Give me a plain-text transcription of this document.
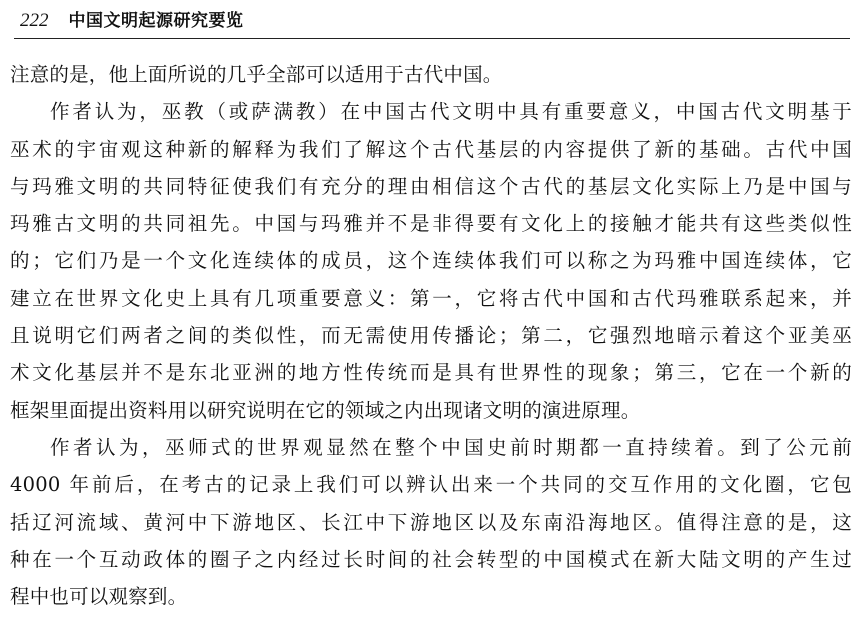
222 中国文明起源研究要览
注意的是，他上面所说的几乎全部可以适用于古代中国。
作者认为，巫教（或萨满教）在中国古代文明中具有重要意义，中国古代文明基于
巫术的宇宙观这种新的解释为我们了解这个古代基层的内容提供了新的基础。古代中国
与玛雅文明的共同特征使我们有充分的理由相信这个古代的基层文化实际上乃是中国与
玛雅古文明的共同祖先。中国与玛雅并不是非得要有文化上的接触才能共有这些类似性
的；它们乃是一个文化连续体的成员，这个连续体我们可以称之为玛雅中国连续体，它
建立在世界文化史上具有几项重要意义：第一，它将古代中国和古代玛雅联系起来，并
且说明它们两者之间的类似性，而无需使用传播论；第二，它强烈地暗示着这个亚美巫
术文化基层并不是东北亚洲的地方性传统而是具有世界性的现象；第三，它在一个新的
框架里面提出资料用以研究说明在它的领域之内出现诸文明的演进原理。
作者认为，巫师式的世界观显然在整个中国史前时期都一直持续着。到了公元前
4000 年前后，在考古的记录上我们可以辨认出来一个共同的交互作用的文化圈，它包
括辽河流域、黄河中下游地区、长江中下游地区以及东南沿海地区。值得注意的是，这
种在一个互动政体的圈子之内经过长时间的社会转型的中国模式在新大陆文明的产生过
程中也可以观察到。
